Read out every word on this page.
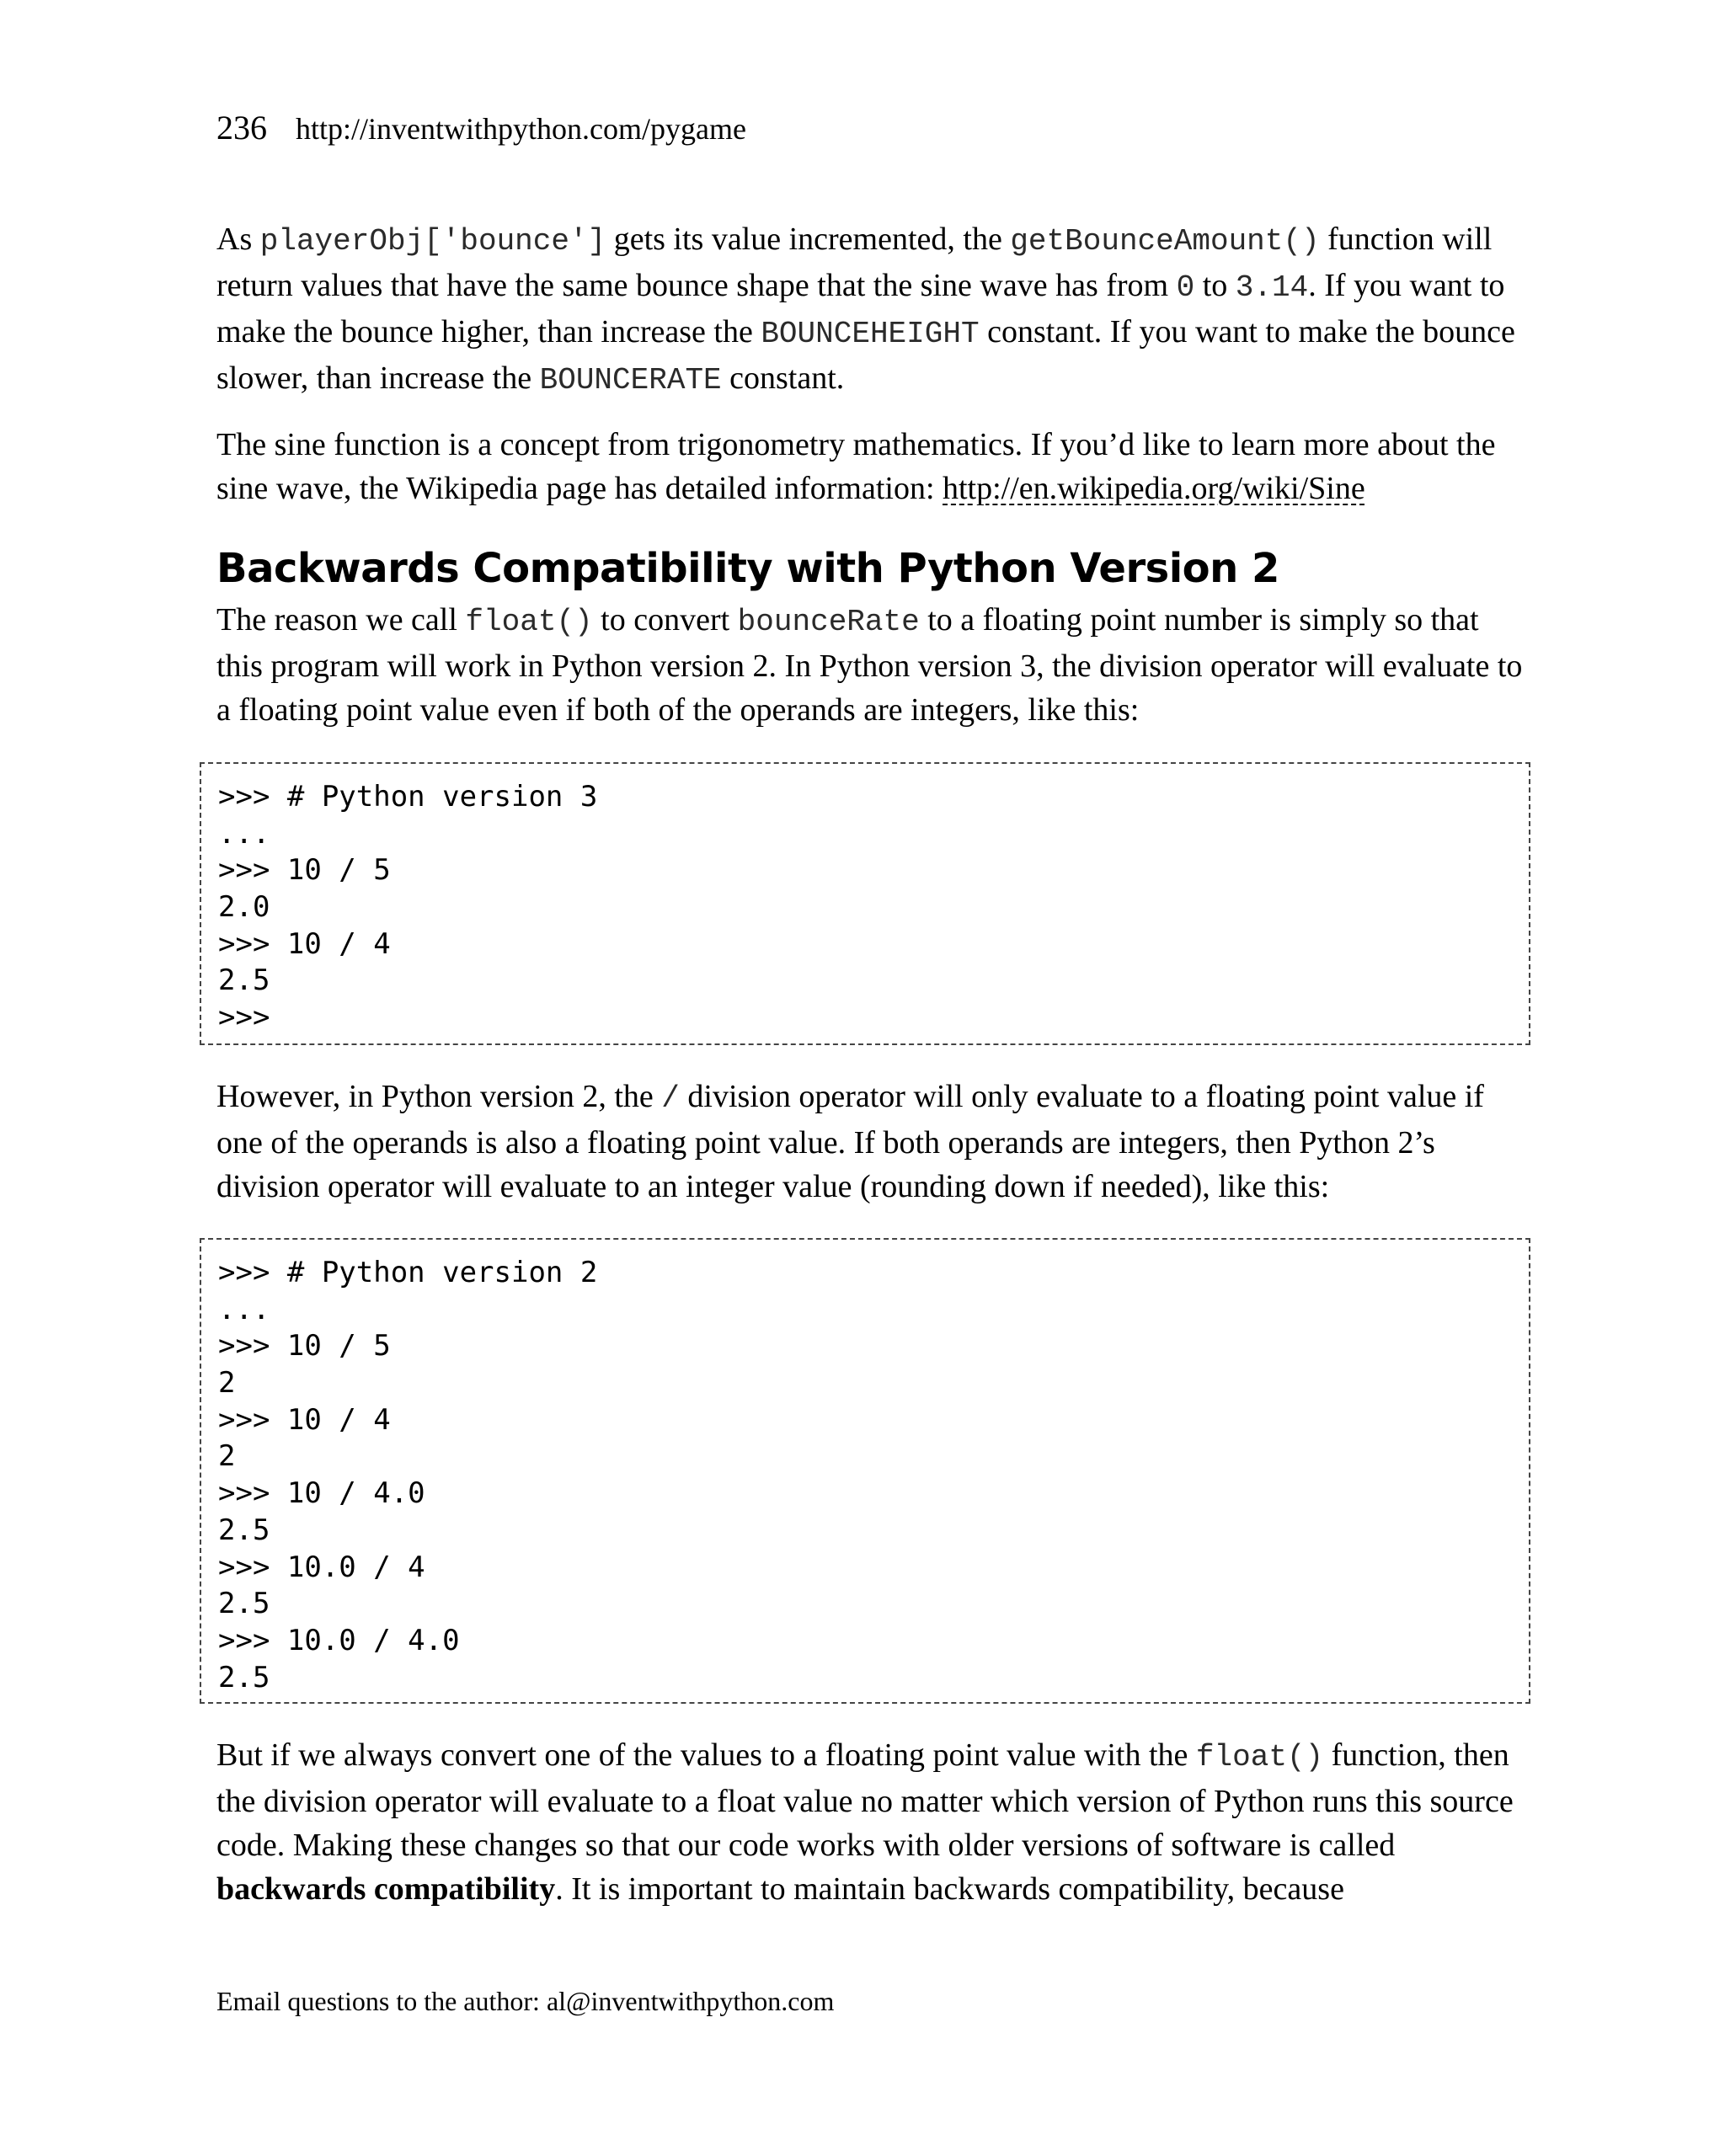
236 http://inventwithpython.com/pygame

As playerObj['bounce'] gets its value incremented, the getBounceAmount() function will return values that have the same bounce shape that the sine wave has from 0 to 3.14. If you want to make the bounce higher, than increase the BOUNCEHEIGHT constant. If you want to make the bounce slower, than increase the BOUNCERATE constant.

The sine function is a concept from trigonometry mathematics. If you’d like to learn more about the sine wave, the Wikipedia page has detailed information: http://en.wikipedia.org/wiki/Sine

Backwards Compatibility with Python Version 2

The reason we call float() to convert bounceRate to a floating point number is simply so that this program will work in Python version 2. In Python version 3, the division operator will evaluate to a floating point value even if both of the operands are integers, like this:

>>> # Python version 3
...
>>> 10 / 5
2.0
>>> 10 / 4
2.5
>>>

However, in Python version 2, the / division operator will only evaluate to a floating point value if one of the operands is also a floating point value. If both operands are integers, then Python 2’s division operator will evaluate to an integer value (rounding down if needed), like this:

>>> # Python version 2
...
>>> 10 / 5
2
>>> 10 / 4
2
>>> 10 / 4.0
2.5
>>> 10.0 / 4
2.5
>>> 10.0 / 4.0
2.5

But if we always convert one of the values to a floating point value with the float() function, then the division operator will evaluate to a float value no matter which version of Python runs this source code. Making these changes so that our code works with older versions of software is called backwards compatibility. It is important to maintain backwards compatibility, because

Email questions to the author: al@inventwithpython.com
